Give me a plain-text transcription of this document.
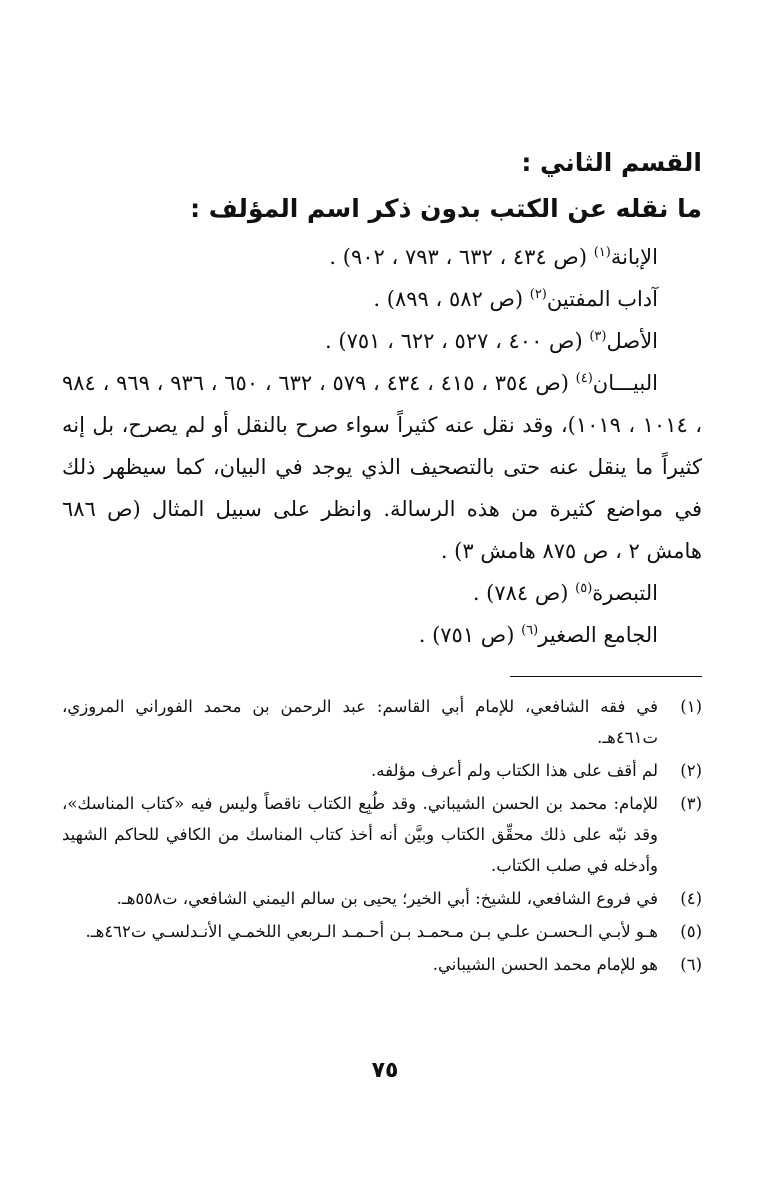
القسم الثاني :

ما نقله عن الكتب بدون ذكر اسم المؤلف :

الإبانة$^{(١)}$ (ص ٤٣٤ ، ٦٣٢ ، ٧٩٣ ، ٩٠٢) .

آداب المفتين$^{(٢)}$ (ص ٥٨٢ ، ٨٩٩) .

الأصل$^{(٣)}$ (ص ٤٠٠ ، ٥٢٧ ، ٦٢٢ ، ٧٥١) .

البيـــان$^{(٤)}$ (ص ٣٥٤ ، ٤١٥ ، ٤٣٤ ، ٥٧٩ ، ٦٣٢ ، ٦٥٠ ، ٩٣٦ ، ٩٦٩ ، ٩٨٤ ، ١٠١٤ ، ١٠١٩)، وقد نقل عنه كثيراً سواء صرح بالنقل أو لم يصرح، بل إنه كثيراً ما ينقل عنه حتى بالتصحيف الذي يوجد في البيان، كما سيظهر ذلك في مواضع كثيرة من هذه الرسالة. وانظر على سبيل المثال (ص ٦٨٦ هامش ٢ ، ص ٨٧٥ هامش ٣) .

التبصرة$^{(٥)}$ (ص ٧٨٤) .

الجامع الصغير$^{(٦)}$ (ص ٧٥١) .

(١)
في فقه الشافعي، للإمام أبي القاسم: عبد الرحمن بن محمد الفوراني المروزي، ت٤٦١هـ.
(٢)
لم أقف على هذا الكتاب ولم أعرف مؤلفه.
(٣)
للإمام: محمد بن الحسن الشيباني. وقد طُبِع الكتاب ناقصاً وليس فيه «كتاب المناسك»، وقد نبّه على ذلك محقِّق الكتاب وبيَّن أنه أخذ كتاب المناسك من الكافي للحاكم الشهيد وأدخله في صلب الكتاب.
(٤)
في فروع الشافعي، للشيخ: أبي الخير؛ يحيى بن سالم اليمني الشافعي، ت٥٥٨هـ.
(٥)
هـو لأبـي الـحسـن علـي بـن مـحمـد بـن أحـمـد الـربعي اللخمـي الأنـدلسـي ت٤٦٢هـ.
(٦)
هو للإمام محمد الحسن الشيباني.
٧٥
